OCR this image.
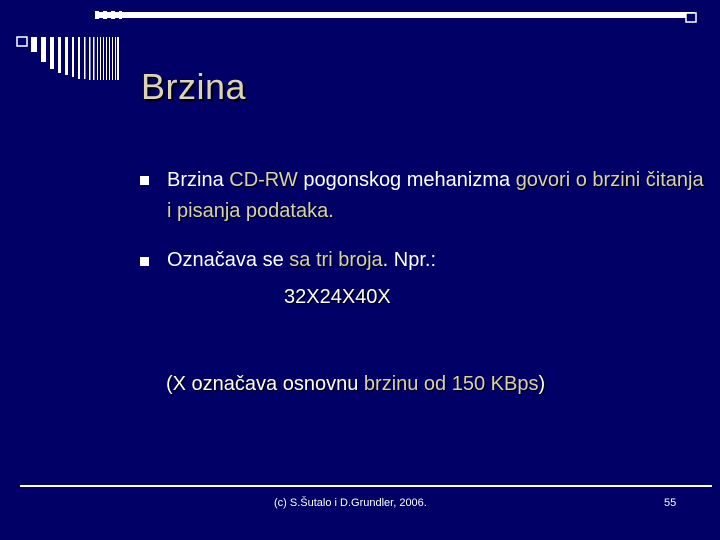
Brzina
Brzina CD-RW pogonskog mehanizma govori o brzini čitanja i pisanja podataka.
Označava se sa tri broja. Npr.:
32X24X40X
(X označava osnovnu brzinu od 150 KBps)
(c) S.Šutalo i D.Grundler, 2006.	55
